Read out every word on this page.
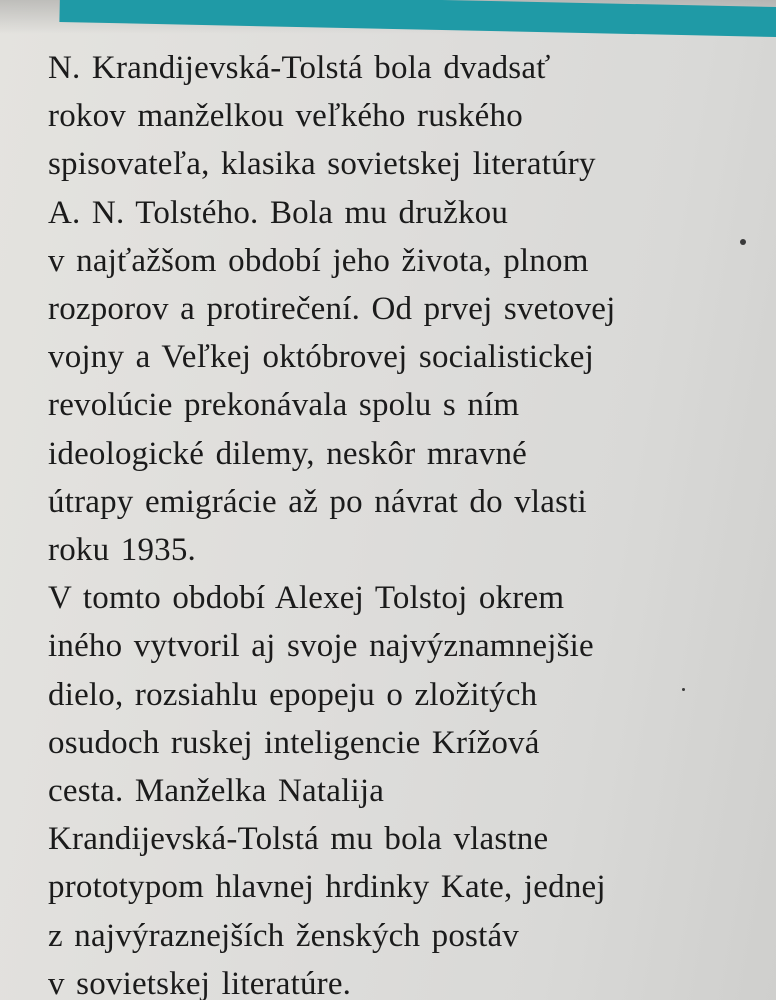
N. Krandijevská-Tolstá bola dvadsať
rokov manželkou veľkého ruského
spisovateľa, klasika sovietskej literatúry
A. N. Tolstého. Bola mu družkou
v najťažšom období jeho života, plnom
rozporov a protirečení. Od prvej svetovej
vojny a Veľkej októbrovej socialistickej
revolúcie prekonávala spolu s ním
ideologické dilemy, neskôr mravné
útrapy emigrácie až po návrat do vlasti
roku 1935.
V tomto období Alexej Tolstoj okrem
iného vytvoril aj svoje najvýznamnejšie
dielo, rozsiahlu epopeju o zložitých
osudoch ruskej inteligencie Krížová
cesta. Manželka Natalija
Krandijevská-Tolstá mu bola vlastne
prototypom hlavnej hrdinky Kate, jednej
z najvýraznejších ženských postáv
v sovietskej literatúre.
